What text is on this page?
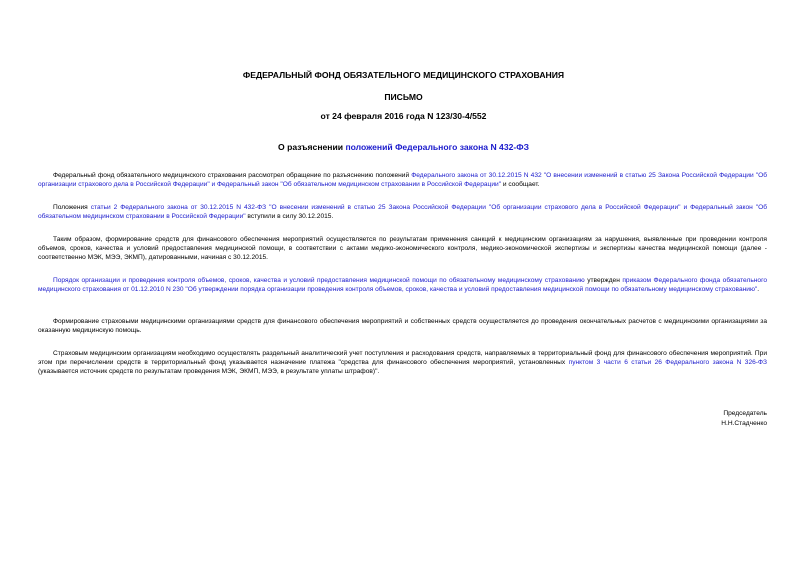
ФЕДЕРАЛЬНЫЙ ФОНД ОБЯЗАТЕЛЬНОГО МЕДИЦИНСКОГО СТРАХОВАНИЯ
ПИСЬМО
от 24 февраля 2016 года N 123/30-4/552
О разъяснении положений Федерального закона N 432-ФЗ
Федеральный фонд обязательного медицинского страхования рассмотрел обращение по разъяснению положений Федерального закона от 30.12.2015 N 432 "О внесении изменений в статью 25 Закона Российской Федерации "Об организации страхового дела в Российской Федерации" и Федеральный закон "Об обязательном медицинском страховании в Российской Федерации" и сообщает.
Положения статьи 2 Федерального закона от 30.12.2015 N 432-ФЗ "О внесении изменений в статью 25 Закона Российской Федерации "Об организации страхового дела в Российской Федерации" и Федеральный закон "Об обязательном медицинском страховании в Российской Федерации" вступили в силу 30.12.2015.
Таким образом, формирование средств для финансового обеспечения мероприятий осуществляется по результатам применения санкций к медицинским организациям за нарушения, выявленные при проведении контроля объемов, сроков, качества и условий предоставления медицинской помощи, в соответствии с актами медико-экономического контроля, медико-экономической экспертизы и экспертизы качества медицинской помощи (далее - соответственно МЭК, МЭЭ, ЭКМП), датированными, начиная с 30.12.2015.
Порядок организации и проведения контроля объемов, сроков, качества и условий предоставления медицинской помощи по обязательному медицинскому страхованию утвержден приказом Федерального фонда обязательного медицинского страхования от 01.12.2010 N 230 "Об утверждении порядка организации проведения контроля объемов, сроков, качества и условий предоставления медицинской помощи по обязательному медицинскому страхованию".
Формирование страховыми медицинскими организациями средств для финансового обеспечения мероприятий и собственных средств осуществляется до проведения окончательных расчетов с медицинскими организациями за оказанную медицинскую помощь.
Страховым медицинским организациям необходимо осуществлять раздельный аналитический учет поступления и расходования средств, направляемых в территориальный фонд для финансового обеспечения мероприятий. При этом при перечислении средств в территориальный фонд указывается назначение платежа "средства для финансового обеспечения мероприятий, установленных пунктом 3 части 6 статьи 26 Федерального закона N 326-ФЗ (указывается источник средств по результатам проведения МЭК, ЭКМП, МЭЭ, в результате уплаты штрафов)".
Председатель
Н.Н.Стадченко
